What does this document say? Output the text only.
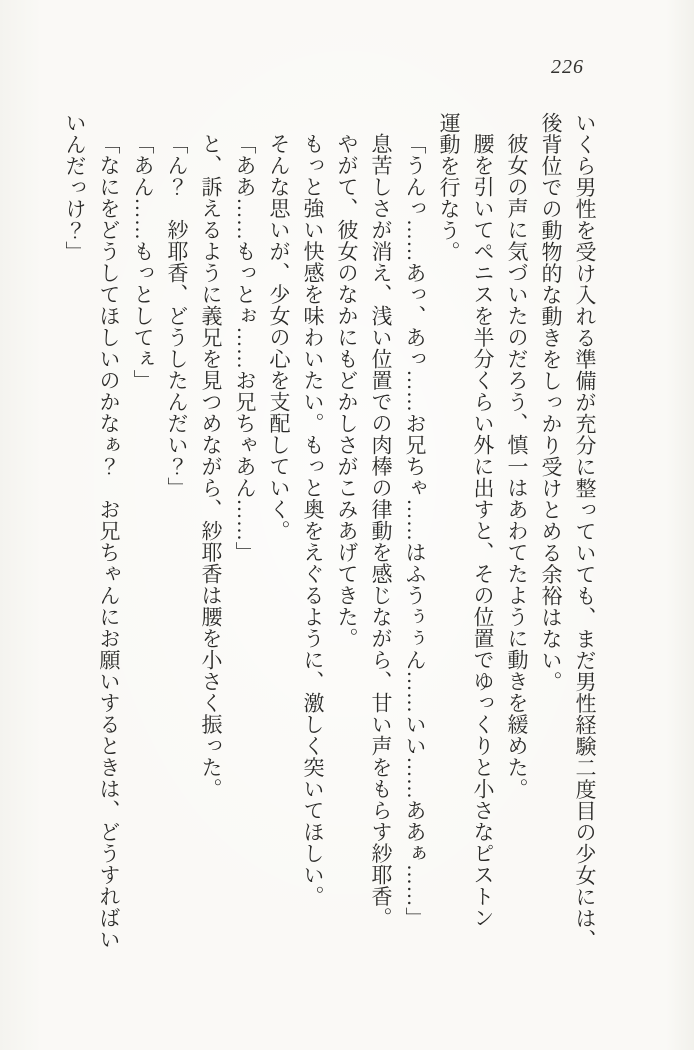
226
いくら男性を受け入れる準備が充分に整っていても、まだ男性経験二度目の少女には、
後背位での動物的な動きをしっかり受けとめる余裕はない。
彼女の声に気づいたのだろう、慎一はあわてたように動きを緩めた。
腰を引いてペニスを半分くらい外に出すと、その位置でゆっくりと小さなピストン
運動を行なう。
「うんっ……あっ、あっ……お兄ちゃ……はふうぅぅん……いい……ああぁ……」
息苦しさが消え、浅い位置での肉棒の律動を感じながら、甘い声をもらす紗耶香。
やがて、彼女のなかにもどかしさがこみあげてきた。
もっと強い快感を味わいたい。もっと奥をえぐるように、激しく突いてほしい。
そんな思いが、少女の心を支配していく。
「ああ……もっとぉ……お兄ちゃあん……」
と、訴えるように義兄を見つめながら、紗耶香は腰を小さく振った。
「ん？　紗耶香、どうしたんだい？」
「あん……もっとしてぇ」
「なにをどうしてほしいのかなぁ？　お兄ちゃんにお願いするときは、どうすればい
いんだっけ？」
